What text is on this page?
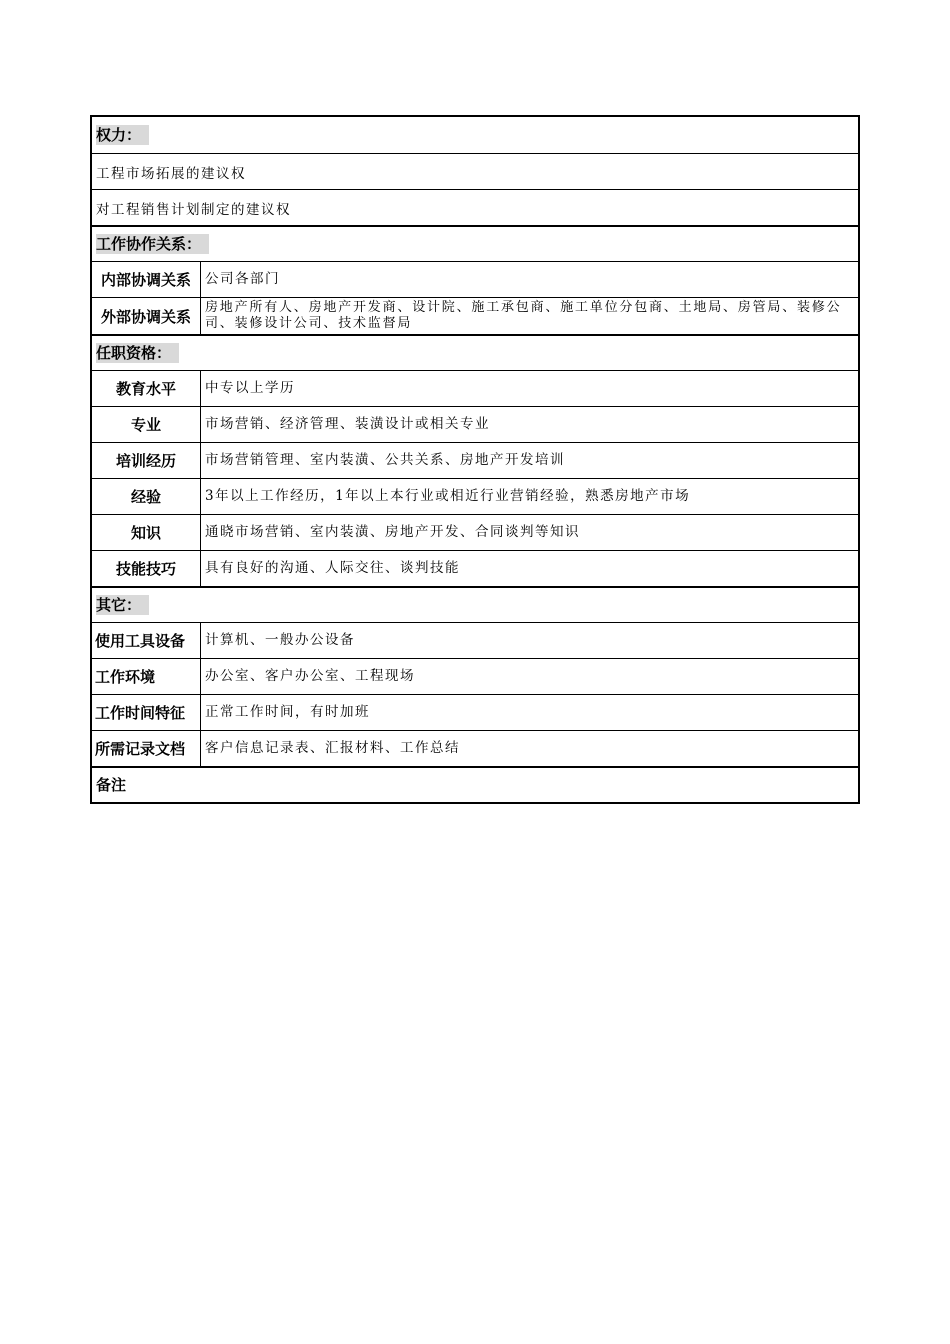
权力：
工程市场拓展的建议权
对工程销售计划制定的建议权
工作协作关系：
内部协调关系	公司各部门
外部协调关系	房地产所有人、房地产开发商、设计院、施工承包商、施工单位分包商、土地局、房管局、装修公司、装修设计公司、技术监督局
任职资格：
教育水平	中专以上学历
专业	市场营销、经济管理、装潢设计或相关专业
培训经历	市场营销管理、室内装潢、公共关系、房地产开发培训
经验	3年以上工作经历，1年以上本行业或相近行业营销经验，熟悉房地产市场
知识	通晓市场营销、室内装潢、房地产开发、合同谈判等知识
技能技巧	具有良好的沟通、人际交往、谈判技能
其它：
使用工具设备	计算机、一般办公设备
工作环境	办公室、客户办公室、工程现场
工作时间特征	正常工作时间，有时加班
所需记录文档	客户信息记录表、汇报材料、工作总结
备注
